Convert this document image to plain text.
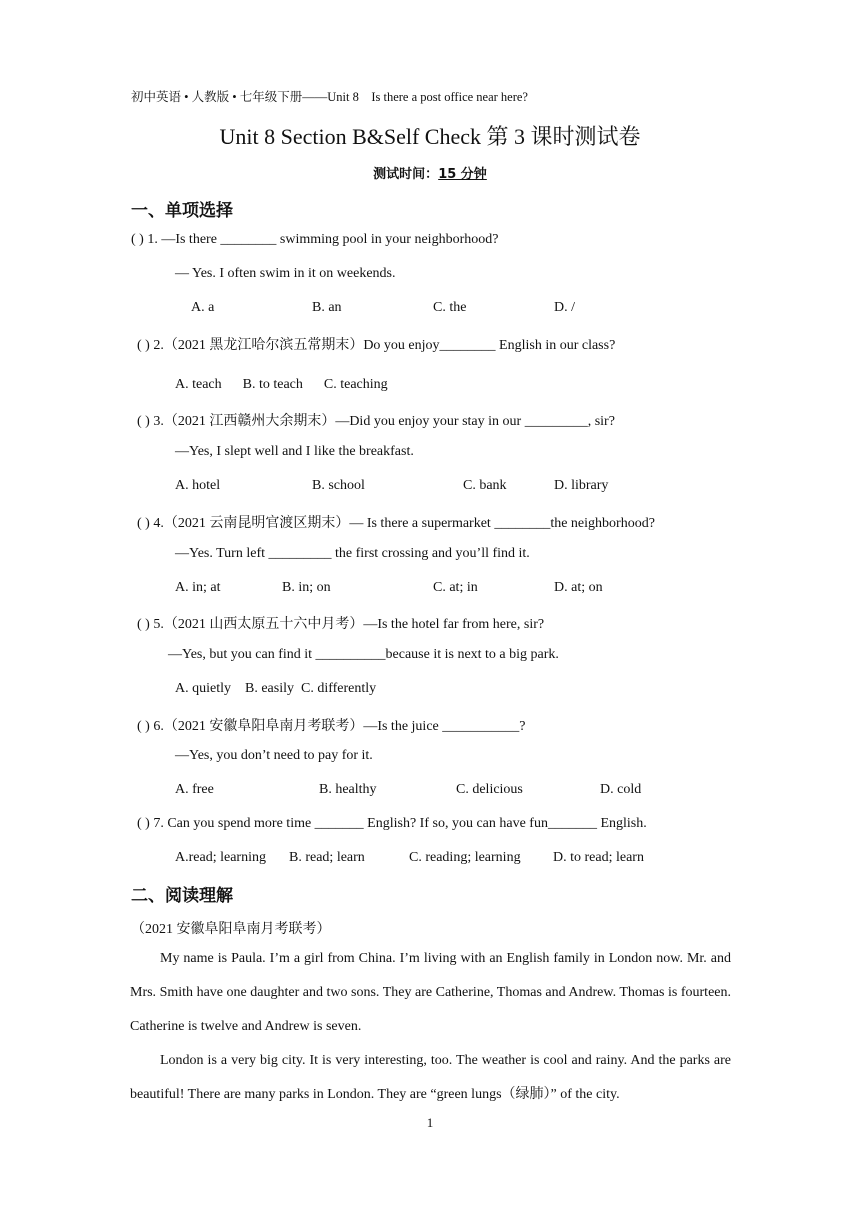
初中英语 • 人教版 • 七年级下册——Unit 8　Is there a post office near here?
Unit 8 Section B&Self Check 第 3 课时测试卷
测试时间：15 分钟
一、单项选择
( ) 1. —Is there ________ swimming pool in your neighborhood?
— Yes. I often swim in it on weekends.
A. a	B. an	C. the	D. /
( ) 2.（2021 黑龙江哈尔滨五常期末）Do you enjoy________ English in our class?
A. teach      B. to teach      C. teaching
( ) 3.（2021 江西赣州大余期末）—Did you enjoy your stay in our _________, sir?
—Yes, I slept well and I like the breakfast.
A. hotel	B. school	C. bank	D. library
( ) 4.（2021 云南昆明官渡区期末）— Is there a supermarket ________the neighborhood?
—Yes. Turn left _________ the first crossing and you’ll find it.
A. in; at	B. in; on	C. at; in	D. at; on
( ) 5.（2021 山西太原五十六中月考）—Is the hotel far from here, sir?
—Yes, but you can find it __________because it is next to a big park.
A. quietly    B. easily  C. differently
( ) 6.（2021 安徽阜阳阜南月考联考）—Is the juice ___________?
—Yes, you don’t need to pay for it.
A. free	B. healthy	C. delicious	D. cold
( ) 7. Can you spend more time _______ English? If so, you can have fun_______ English.
A.read; learning B. read; learn	C. reading; learning D. to read; learn
二、阅读理解
（2021 安徽阜阳阜南月考联考）
My name is Paula. I’m a girl from China. I’m living with an English family in London now. Mr. and Mrs. Smith have one daughter and two sons. They are Catherine, Thomas and Andrew. Thomas is fourteen. Catherine is twelve and Andrew is seven.
London is a very big city. It is very interesting, too. The weather is cool and rainy. And the parks are beautiful! There are many parks in London. They are “green lungs（绿肺）” of the city.
1
